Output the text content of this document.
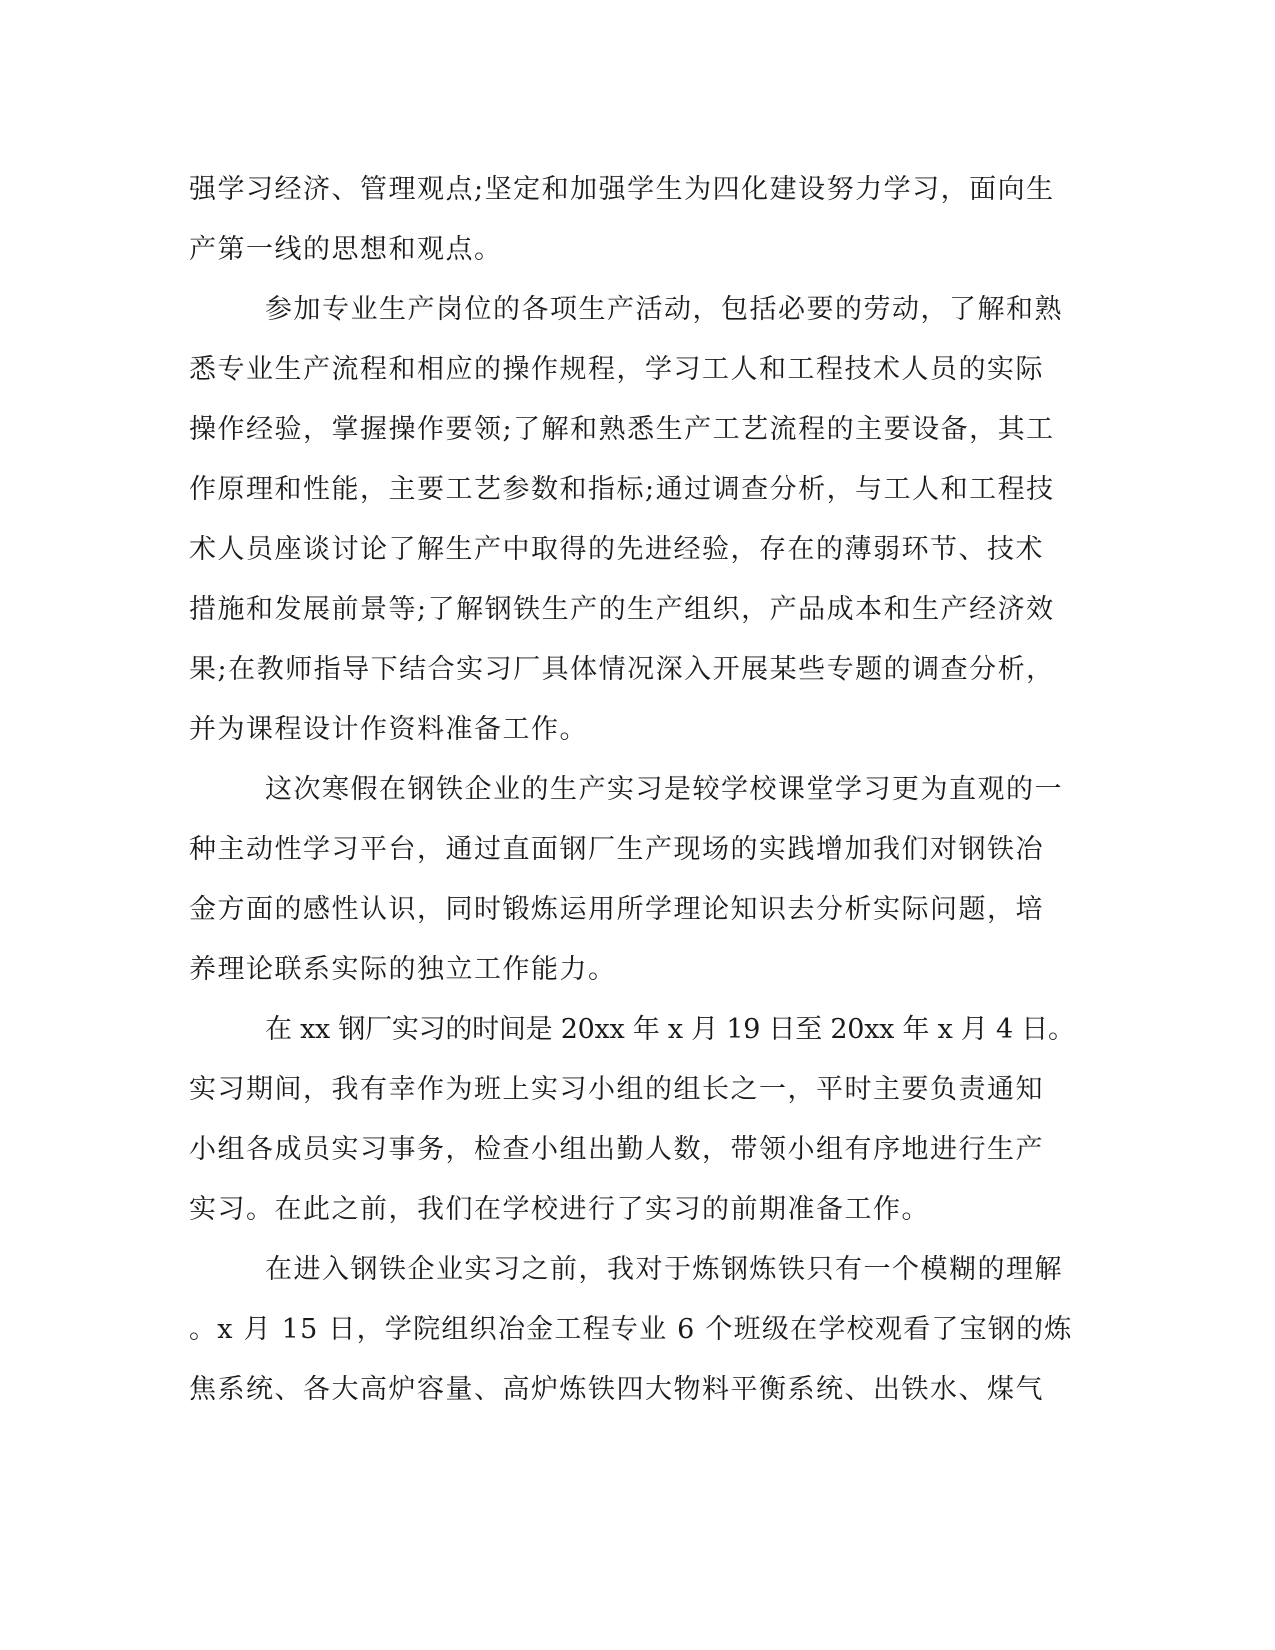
强学习经济、管理观点;坚定和加强学生为四化建设努力学习，面向生
产第一线的思想和观点。
参加专业生产岗位的各项生产活动，包括必要的劳动，了解和熟
悉专业生产流程和相应的操作规程，学习工人和工程技术人员的实际
操作经验，掌握操作要领;了解和熟悉生产工艺流程的主要设备，其工
作原理和性能，主要工艺参数和指标;通过调查分析，与工人和工程技
术人员座谈讨论了解生产中取得的先进经验，存在的薄弱环节、技术
措施和发展前景等;了解钢铁生产的生产组织，产品成本和生产经济效
果;在教师指导下结合实习厂具体情况深入开展某些专题的调查分析，
并为课程设计作资料准备工作。
这次寒假在钢铁企业的生产实习是较学校课堂学习更为直观的一
种主动性学习平台，通过直面钢厂生产现场的实践增加我们对钢铁冶
金方面的感性认识，同时锻炼运用所学理论知识去分析实际问题，培
养理论联系实际的独立工作能力。
在 xx 钢厂实习的时间是 20xx 年 x 月 19 日至 20xx 年 x 月 4 日。
实习期间，我有幸作为班上实习小组的组长之一，平时主要负责通知
小组各成员实习事务，检查小组出勤人数，带领小组有序地进行生产
实习。在此之前，我们在学校进行了实习的前期准备工作。
在进入钢铁企业实习之前，我对于炼钢炼铁只有一个模糊的理解
。x 月 15 日，学院组织冶金工程专业 6 个班级在学校观看了宝钢的炼
焦系统、各大高炉容量、高炉炼铁四大物料平衡系统、出铁水、煤气
